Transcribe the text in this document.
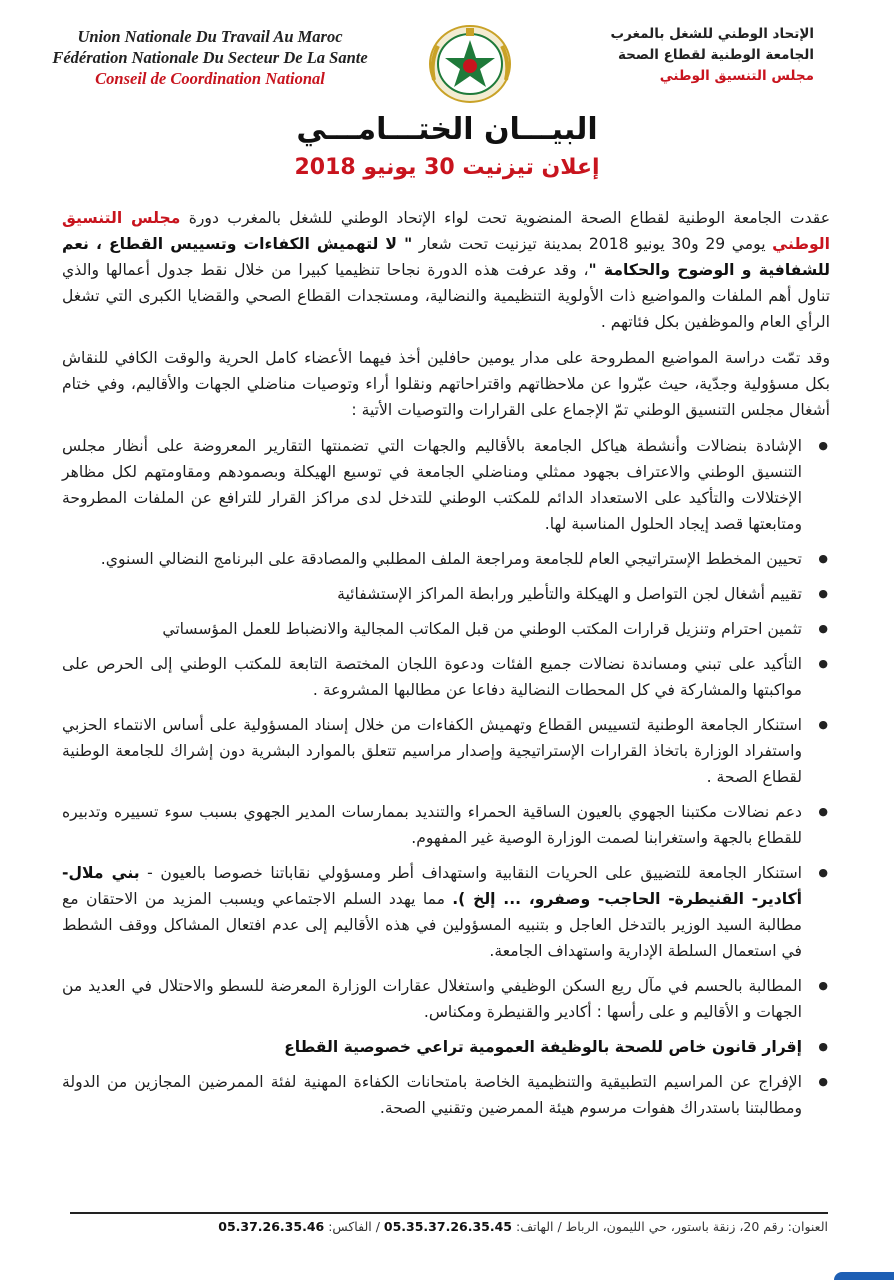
Union Nationale Du Travail Au Maroc
Fédération Nationale Du Secteur De La Sante
Conseil de Coordination National
الإتحاد الوطني للشغل بالمغرب
الجامعة الوطنية لقطاع الصحة
مجلس التنسيق الوطني
البيـــان الختـــامـــي
إعلان تيزنيت 30 يونيو 2018

عقدت الجامعة الوطنية لقطاع الصحة المنضوية تحت لواء الإتحاد الوطني للشغل بالمغرب دورة مجلس التنسيق الوطني يومي 29 و30 يونيو 2018 بمدينة تيزنيت تحت شعار " لا لتهميش الكفاءات وتسييس القطاع ، نعم للشفافية و الوضوح والحكامة "، وقد عرفت هذه الدورة نجاحا تنظيميا كبيرا من خلال نقط جدول أعمالها والذي تناول أهم الملفات والمواضيع ذات الأولوية التنظيمية والنضالية، ومستجدات القطاع الصحي والقضايا الكبرى التي تشغل الرأي العام والموظفين بكل فئاتهم .

وقد تمّت دراسة المواضيع المطروحة على مدار يومين حافلين أخذ فيهما الأعضاء كامل الحرية والوقت الكافي للنقاش بكل مسؤولية وجدّية، حيث عبّروا عن ملاحظاتهم واقتراحاتهم ونقلوا أراء وتوصيات مناضلي الجهات والأقاليم، وفي ختام أشغال مجلس التنسيق الوطني تمّ الإجماع على القرارات والتوصيات الأتية :

● الإشادة بنضالات وأنشطة هياكل الجامعة بالأقاليم والجهات التي تضمنتها التقارير المعروضة على أنظار مجلس التنسيق الوطني والاعتراف بجهود ممثلي ومناضلي الجامعة في توسيع الهيكلة وبصمودهم ومقاومتهم لكل مظاهر الإختلالات والتأكيد على الاستعداد الدائم للمكتب الوطني للتدخل لدى مراكز القرار للترافع عن الملفات المطروحة ومتابعتها قصد إيجاد الحلول المناسبة لها.
● تحيين المخطط الإستراتيجي العام للجامعة ومراجعة الملف المطلبي والمصادقة على البرنامج النضالي السنوي.
● تقييم أشغال لجن التواصل و الهيكلة والتأطير ورابطة المراكز الإستشفائية
● تثمين احترام وتنزيل قرارات المكتب الوطني من قبل المكاتب المجالية والانضباط للعمل المؤسساتي
● التأكيد على تبني ومساندة نضالات جميع الفئات ودعوة اللجان المختصة التابعة للمكتب الوطني إلى الحرص على مواكبتها والمشاركة في كل المحطات النضالية دفاعا عن مطالبها المشروعة .
● استنكار الجامعة الوطنية لتسييس القطاع وتهميش الكفاءات من خلال إسناد المسؤولية على أساس الانتماء الحزبي واستفراد الوزارة باتخاذ القرارات الإستراتيجية وإصدار مراسيم تتعلق بالموارد البشرية دون إشراك للجامعة الوطنية لقطاع الصحة .
● دعم نضالات مكتبنا الجهوي بالعيون الساقية الحمراء والتنديد بممارسات المدير الجهوي بسبب سوء تسييره وتدبيره للقطاع بالجهة واستغرابنا لصمت الوزارة الوصية غير المفهوم.
● استنكار الجامعة للتضييق على الحريات النقابية واستهداف أطر ومسؤولي نقاباتنا خصوصا بالعيون - بني ملال- أكادير- القنيطرة- الحاجب- وصفرو، ... إلخ ). مما يهدد السلم الاجتماعي ويسبب المزيد من الاحتقان مع مطالبة السيد الوزير بالتدخل العاجل و بتنبيه المسؤولين في هذه الأقاليم إلى عدم افتعال المشاكل ووقف الشطط في استعمال السلطة الإدارية واستهداف الجامعة.
● المطالبة بالحسم في مآل ريع السكن الوظيفي واستغلال عقارات الوزارة المعرضة للسطو والاحتلال في العديد من الجهات و الأقاليم و على رأسها : أكادير والقنيطرة ومكناس.
● إقرار قانون خاص للصحة بالوظيفة العمومية تراعي خصوصية القطاع
● الإفراج عن المراسيم التطبيقية والتنظيمية الخاصة بامتحانات الكفاءة المهنية لفئة الممرضين المجازين من الدولة ومطالبتنا باستدراك هفوات مرسوم هيئة الممرضين وتقنيي الصحة.
العنوان: رقم 20، زنقة باستور، حي الليمون، الرباط / الهاتف: 05.35.37.26.35.45 / الفاكس: 05.37.26.35.46
